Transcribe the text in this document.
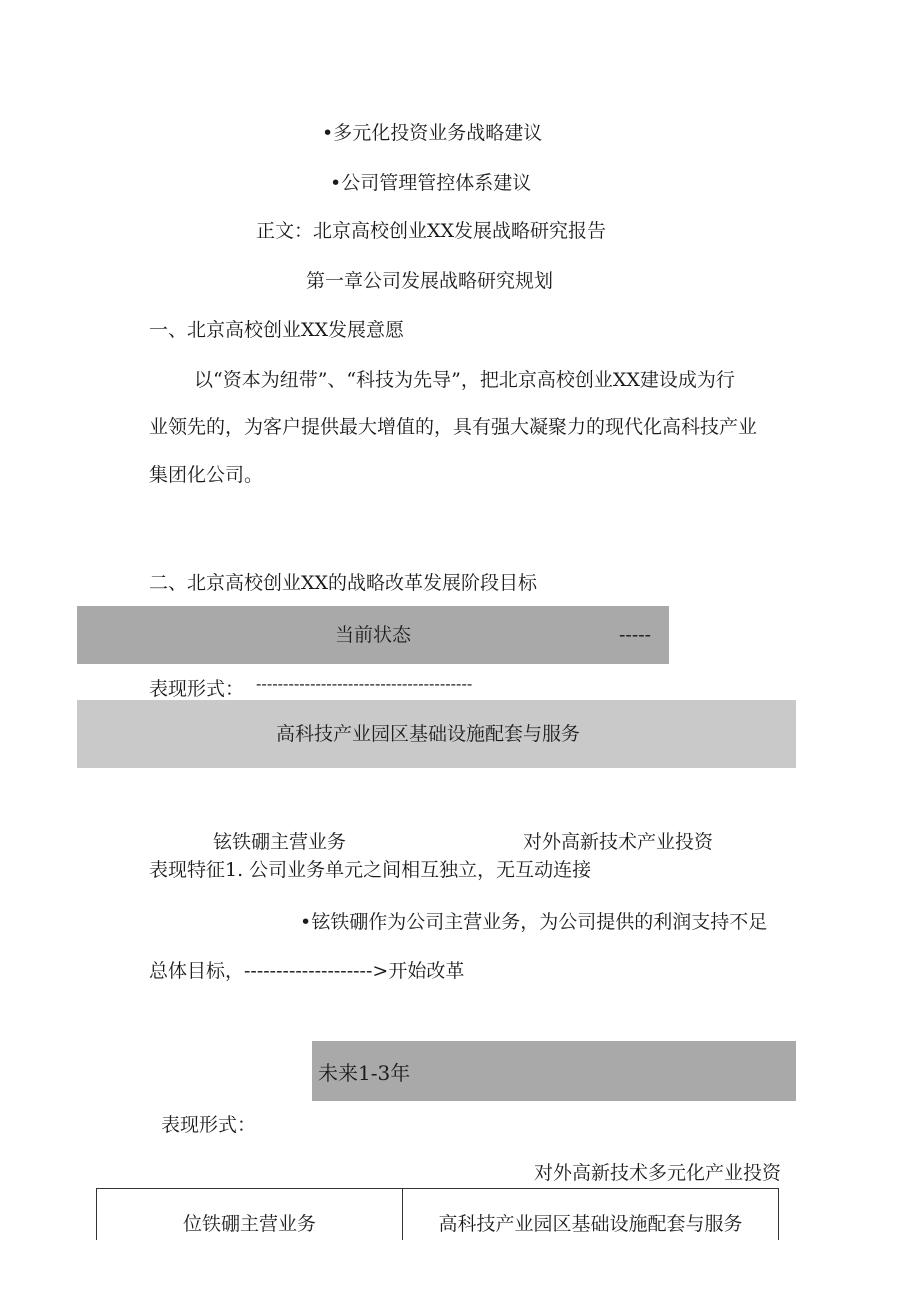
•多元化投资业务战略建议
•公司管理管控体系建议
正文：北京高校创业XX发展战略研究报告
第一章公司发展战略研究规划
一、北京高校创业XX发展意愿
以“资本为纽带”、“科技为先导”，把北京高校创业XX建设成为行
业领先的，为客户提供最大增值的，具有强大凝聚力的现代化高科技产业
集团化公司。
二、北京高校创业XX的战略改革发展阶段目标
当前状态	-----
表现形式： ----------------------------------------
高科技产业园区基础设施配套与服务
铉铁硼主营业务	对外高新技术产业投资
表现特征1. 公司业务单元之间相互独立，无互动连接
•铉铁硼作为公司主营业务，为公司提供的利润支持不足
总体目标，-------------------->开始改革
未来1-3年
表现形式：
对外高新技术多元化产业投资
位铁硼主营业务	高科技产业园区基础设施配套与服务
